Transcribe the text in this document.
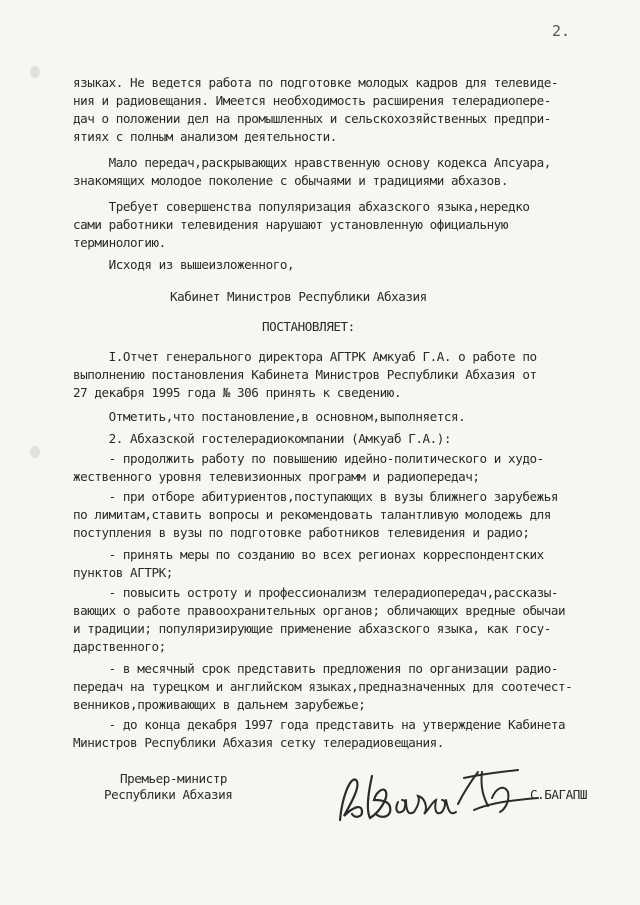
2.
языках. Не ведется работа по подготовке молодых кадров для телевиде-
ния и радиовещания. Имеется необходимость расширения телерадиопере-
дач о положении дел на промышленных и сельскохозяйственных предпри-
ятиях с полным анализом деятельности.
Мало передач,раскрывающих нравственную основу кодекса Апсуара,
знакомящих молодое поколение с обычаями и традициями абхазов.
Требует совершенства популяризация абхазского языка,нередко
сами работники телевидения нарушают установленную официальную
терминологию.
Исходя из вышеизложенного,
Кабинет Министров Республики Абхазия
ПОСТАНОВЛЯЕТ:
I.Отчет генерального директора АГТРК Амкуаб Г.А. о работе по
выполнению постановления Кабинета Министров Республики Абхазия от
27 декабря 1995 года № 306 принять к сведению.
Отметить,что постановление,в основном,выполняется.
2. Абхазской гостелерадиокомпании (Амкуаб Г.А.):
- продолжить работу по повышению идейно-политического и худо-
жественного уровня телевизионных программ и радиопередач;
- при отборе абитуриентов,поступающих в вузы ближнего зарубежья
по лимитам,ставить вопросы и рекомендовать талантливую молодежь для
поступления в вузы по подготовке работников телевидения и радио;
- принять меры по созданию во всех регионах корреспондентских
пунктов АГТРК;
- повысить остроту и профессионализм телерадиопередач,рассказы-
вающих о работе правоохранительных органов; обличающих вредные обычаи
и традиции; популяризирующие применение абхазского языка, как госу-
дарственного;
- в месячный срок представить предложения по организации радио-
передач на турецком и английском языках,предназначенных для соотечест-
венников,проживающих в дальнем зарубежье;
- до конца декабря 1997 года представить на утверждение Кабинета
Министров Республики Абхазия сетку телерадиовещания.
Премьер-министр
Республики Абхазия	С.БАГАПШ
